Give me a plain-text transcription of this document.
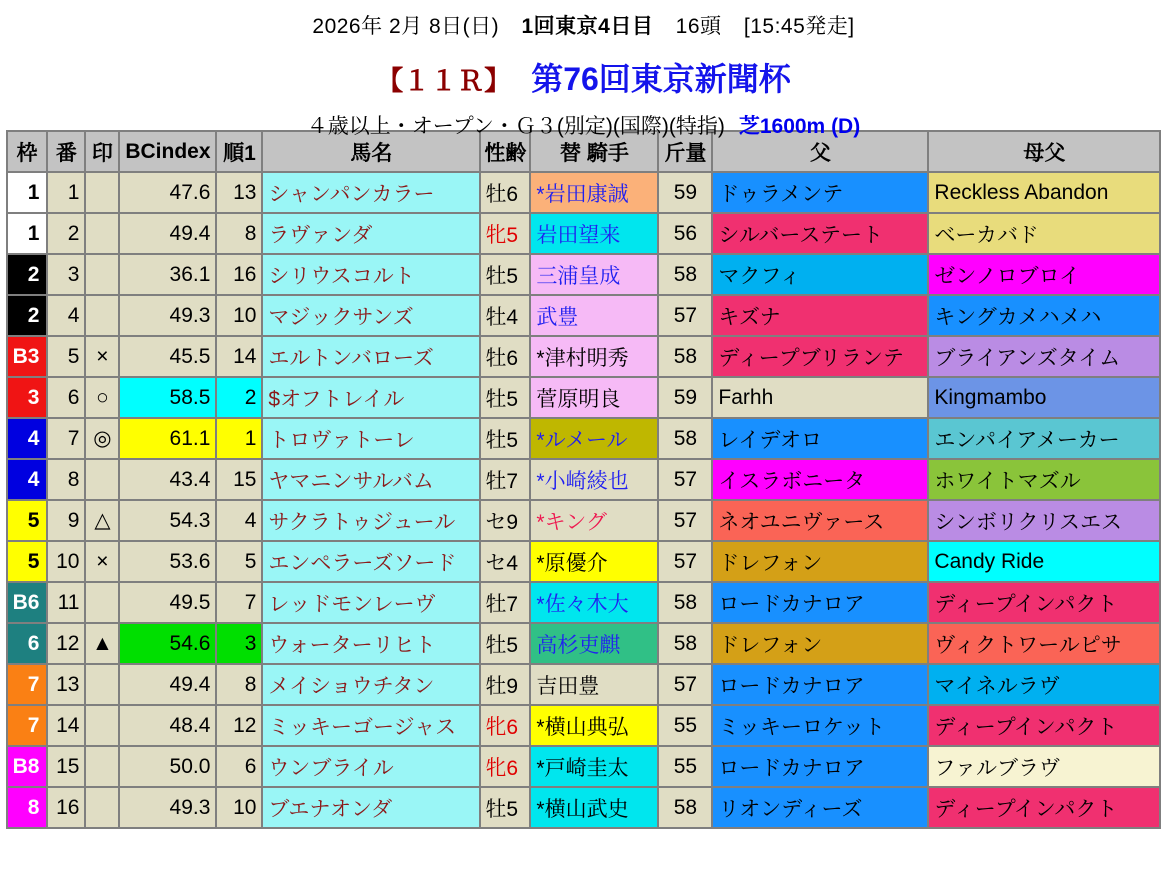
2026年 2月 8日(日) 1回東京4日目 16頭 [15:45発走]
【１１Ｒ】 第76回東京新聞杯
４歳以上・オープン・Ｇ３(別定)(国際)(特指) 芝1600m (D)
枠	番	印	BCindex	順1	馬名	性齢	替 騎手	斤量	父	母父
1	1		47.6	13	シャンパンカラー	牡6	*岩田康誠	59	ドゥラメンテ	Reckless Abandon
1	2		49.4	8	ラヴァンダ	牝5	岩田望来	56	シルバーステート	ベーカバド
2	3		36.1	16	シリウスコルト	牡5	三浦皇成	58	マクフィ	ゼンノロブロイ
2	4		49.3	10	マジックサンズ	牡4	武豊	57	キズナ	キングカメハメハ
B3	5	×	45.5	14	エルトンバローズ	牡6	*津村明秀	58	ディープブリランテ	ブライアンズタイム
3	6	○	58.5	2	$オフトレイル	牡5	菅原明良	59	Farhh	Kingmambo
4	7	◎	61.1	1	トロヴァトーレ	牡5	*ルメール	58	レイデオロ	エンパイアメーカー
4	8		43.4	15	ヤマニンサルバム	牡7	*小崎綾也	57	イスラボニータ	ホワイトマズル
5	9	△	54.3	4	サクラトゥジュール	セ9	*キング	57	ネオユニヴァース	シンボリクリスエス
5	10	×	53.6	5	エンペラーズソード	セ4	*原優介	57	ドレフォン	Candy Ride
B6	11		49.5	7	レッドモンレーヴ	牡7	*佐々木大	58	ロードカナロア	ディープインパクト
6	12	▲	54.6	3	ウォーターリヒト	牡5	高杉吏麒	58	ドレフォン	ヴィクトワールピサ
7	13		49.4	8	メイショウチタン	牡9	吉田豊	57	ロードカナロア	マイネルラヴ
7	14		48.4	12	ミッキーゴージャス	牝6	*横山典弘	55	ミッキーロケット	ディープインパクト
B8	15		50.0	6	ウンブライル	牝6	*戸崎圭太	55	ロードカナロア	ファルブラヴ
8	16		49.3	10	ブエナオンダ	牡5	*横山武史	58	リオンディーズ	ディープインパクト
